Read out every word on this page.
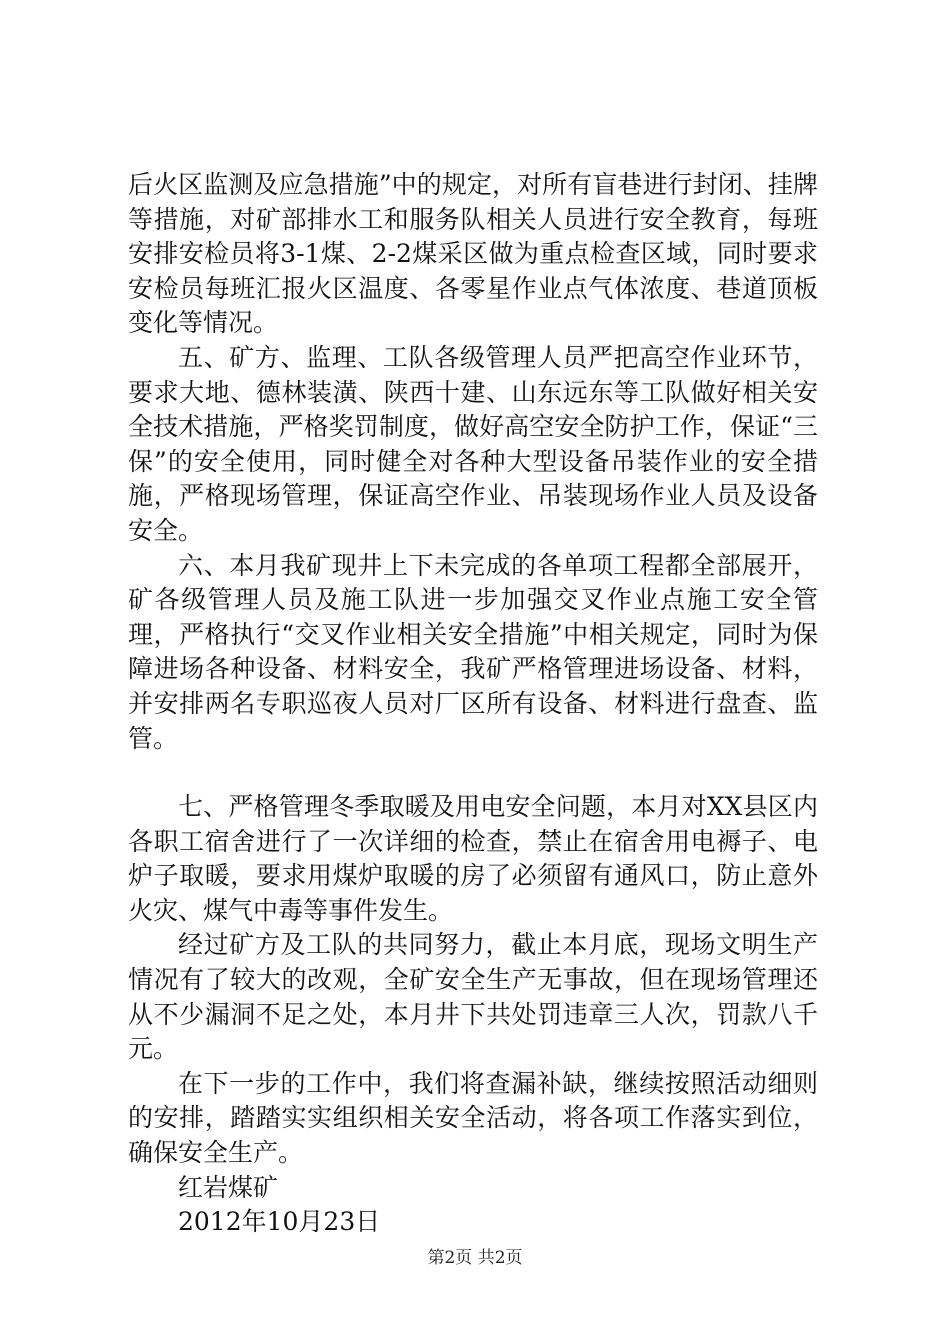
后火区监测及应急措施”中的规定，对所有盲巷进行封闭、挂牌等措施，对矿部排水工和服务队相关人员进行安全教育，每班安排安检员将3-1煤、2-2煤采区做为重点检查区域，同时要求安检员每班汇报火区温度、各零星作业点气体浓度、巷道顶板变化等情况。

五、矿方、监理、工队各级管理人员严把高空作业环节，要求大地、德林装潢、陕西十建、山东远东等工队做好相关安全技术措施，严格奖罚制度，做好高空安全防护工作，保证“三保”的安全使用，同时健全对各种大型设备吊装作业的安全措施，严格现场管理，保证高空作业、吊装现场作业人员及设备安全。

六、本月我矿现井上下未完成的各单项工程都全部展开，矿各级管理人员及施工队进一步加强交叉作业点施工安全管理，严格执行“交叉作业相关安全措施”中相关规定，同时为保障进场各种设备、材料安全，我矿严格管理进场设备、材料，并安排两名专职巡夜人员对厂区所有设备、材料进行盘查、监管。

七、严格管理冬季取暖及用电安全问题，本月对XX县区内各职工宿舍进行了一次详细的检查，禁止在宿舍用电褥子、电炉子取暖，要求用煤炉取暖的房了必须留有通风口，防止意外火灾、煤气中毒等事件发生。

经过矿方及工队的共同努力，截止本月底，现场文明生产情况有了较大的改观，全矿安全生产无事故，但在现场管理还从不少漏洞不足之处，本月井下共处罚违章三人次，罚款八千元。

在下一步的工作中，我们将查漏补缺，继续按照活动细则的安排，踏踏实实组织相关安全活动，将各项工作落实到位，确保安全生产。

红岩煤矿

2012年10月23日

第2页 共2页
